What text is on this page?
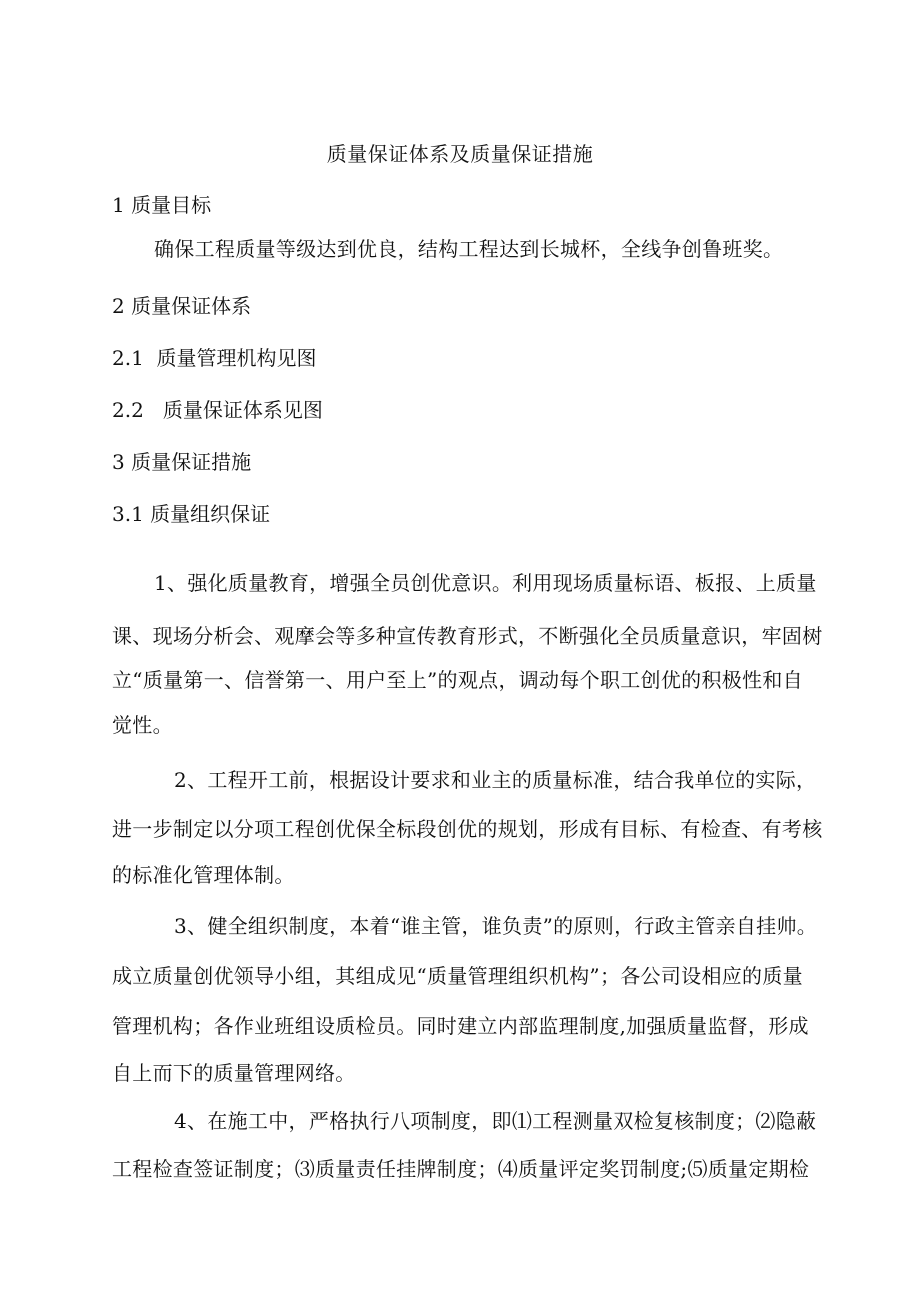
质量保证体系及质量保证措施
1 质量目标
确保工程质量等级达到优良，结构工程达到长城杯，全线争创鲁班奖。
2 质量保证体系
2.1  质量管理机构见图
2.2   质量保证体系见图
3 质量保证措施
3.1 质量组织保证
1、强化质量教育，增强全员创优意识。利用现场质量标语、板报、上质量
课、现场分析会、观摩会等多种宣传教育形式，不断强化全员质量意识，牢固树
立“质量第一、信誉第一、用户至上”的观点，调动每个职工创优的积极性和自
觉性。
2、工程开工前，根据设计要求和业主的质量标准，结合我单位的实际，
进一步制定以分项工程创优保全标段创优的规划，形成有目标、有检查、有考核
的标准化管理体制。
3、健全组织制度，本着“谁主管，谁负责”的原则，行政主管亲自挂帅。
成立质量创优领导小组，其组成见“质量管理组织机构”；各公司设相应的质量
管理机构；各作业班组设质检员。同时建立内部监理制度,加强质量监督，形成
自上而下的质量管理网络。
4、在施工中，严格执行八项制度，即⑴工程测量双检复核制度；⑵隐蔽
工程检查签证制度；⑶质量责任挂牌制度；⑷质量评定奖罚制度;⑸质量定期检
